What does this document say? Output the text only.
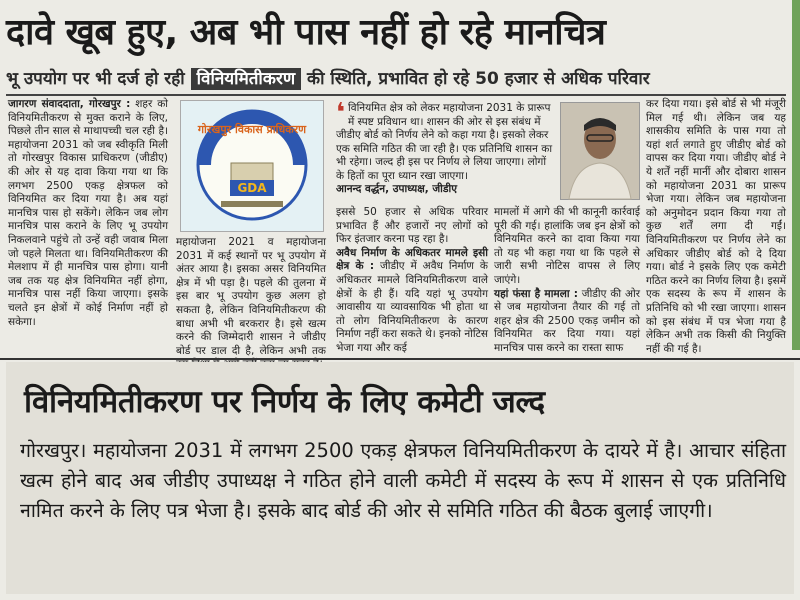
दावे खूब हुए, अब भी पास नहीं हो रहे मानचित्र
भू उपयोग पर भी दर्ज हो रही विनियमितीकरण की स्थिति, प्रभावित हो रहे 50 हजार से अधिक परिवार
जागरण संवाददाता, गोरखपुर : शहर को विनियमितीकरण से मुक्त कराने के लिए, पिछले तीन साल से माथापच्ची चल रही है। महायोजना 2031 को जब स्वीकृति मिली तो गोरखपुर विकास प्राधिकरण (जीडीए) की ओर से यह दावा किया गया था कि लगभग 2500 एकड़ क्षेत्रफल को विनियमित कर दिया गया है। अब यहां मानचित्र पास हो सकेंगे। लेकिन जब लोग मानचित्र पास कराने के लिए भू उपयोग निकलवाने पहुंचे तो उन्हें वही जवाब मिला जो पहले मिलता था। विनियमितीकरण की मेलशाप में ही मानचित्र पास होगा। यानी जब तक यह क्षेत्र विनियमित नहीं होगा, मानचित्र पास नहीं किया जाएगा। इसके चलते इन क्षेत्रों में कोई निर्माण नहीं हो सकेगा।
गोरखपुर विकास प्राधिकरण
GDA
महायोजना 2021 व महायोजना 2031 में कई स्थानों पर भू उपयोग में अंतर आया है। इसका असर विनियमित क्षेत्र में भी पड़ा है। पहले की तुलना में इस बार भू उपयोग कुछ अलग हो सकता है, लेकिन विनियमितीकरण की बाधा अभी भी बरकरार है। इसे खत्म करने की जिम्मेदारी शासन ने जीडीए बोर्ड पर डाल दी है, लेकिन अभी तक
❛ विनियमित क्षेत्र को लेकर महायोजना 2031 के प्रारूप में स्पष्ट प्रविधान था। शासन की ओर से इस संबंध में जीडीए बोर्ड को निर्णय लेने को कहा गया है। इसको लेकर एक समिति गठित की जा रही है। एक प्रतिनिधि शासन का भी रहेगा। जल्द ही इस पर निर्णय ले लिया जाएगा। लोगों के हितों का पूरा ध्यान रखा जाएगा।
आनन्द वर्द्धन, उपाध्यक्ष, जीडीए
इससे 50 हजार से अधिक परिवार प्रभावित हैं और हजारों नए लोगों को फिर इंतजार करना पड़ रहा है।
अवैध निर्माण के अधिकतर मामले इसी क्षेत्र के : जीडीए में अवैध निर्माण के अधिकतर मामले विनियमितीकरण वाले क्षेत्रों के ही हैं। यदि यहां भू उपयोग आवासीय या व्यावसायिक भी होता था तो लोग विनियमितीकरण के कारण निर्माण नहीं करा सकते थे। इनको नोटिस भेजा गया और कई
मामलों में आगे की भी कानूनी कार्रवाई पूरी की गई। हालांकि जब इन क्षेत्रों को विनियमित करने का दावा किया गया तो यह भी कहा गया था कि पहले से जारी सभी नोटिस वापस ले लिए जाएंगे।
यहां फंसा है मामला : जीडीए की ओर से जब महायोजना तैयार की गई तो शहर क्षेत्र की 2500 एकड़ जमीन को विनियमित कर दिया गया। यहां मानचित्र पास करने का रास्ता साफ
कर दिया गया। इसे बोर्ड से भी मंजूरी मिल गई थी। लेकिन जब यह शासकीय समिति के पास गया तो यहां शर्त लगाते हुए जीडीए बोर्ड को वापस कर दिया गया। जीडीए बोर्ड ने ये शर्तें नहीं मानीं और दोबारा शासन को महायोजना 2031 का प्रारूप भेजा गया। लेकिन जब महायोजना को अनुमोदन प्रदान किया गया तो कुछ शर्तें लगा दी गईं। विनियमितीकरण पर निर्णय लेने का अधिकार जीडीए बोर्ड को दे दिया गया। बोर्ड ने इसके लिए एक कमेटी गठित करने का निर्णय लिया है। इसमें एक सदस्य के रूप में शासन के प्रतिनिधि को भी रखा जाएगा। शासन को इस संबंध में पत्र भेजा गया है लेकिन अभी तक किसी की नियुक्ति नहीं की गई है।
विनियमितीकरण पर निर्णय के लिए कमेटी जल्द
गोरखपुर। महायोजना 2031 में लगभग 2500 एकड़ क्षेत्रफल विनियमितीकरण के दायरे में है। आचार संहिता खत्म होने बाद अब जीडीए उपाध्यक्ष ने गठित होने वाली कमेटी में सदस्य के रूप में शासन से एक प्रतिनिधि नामित करने के लिए पत्र भेजा है। इसके बाद बोर्ड की ओर से समिति गठित की बैठक बुलाई जाएगी।
